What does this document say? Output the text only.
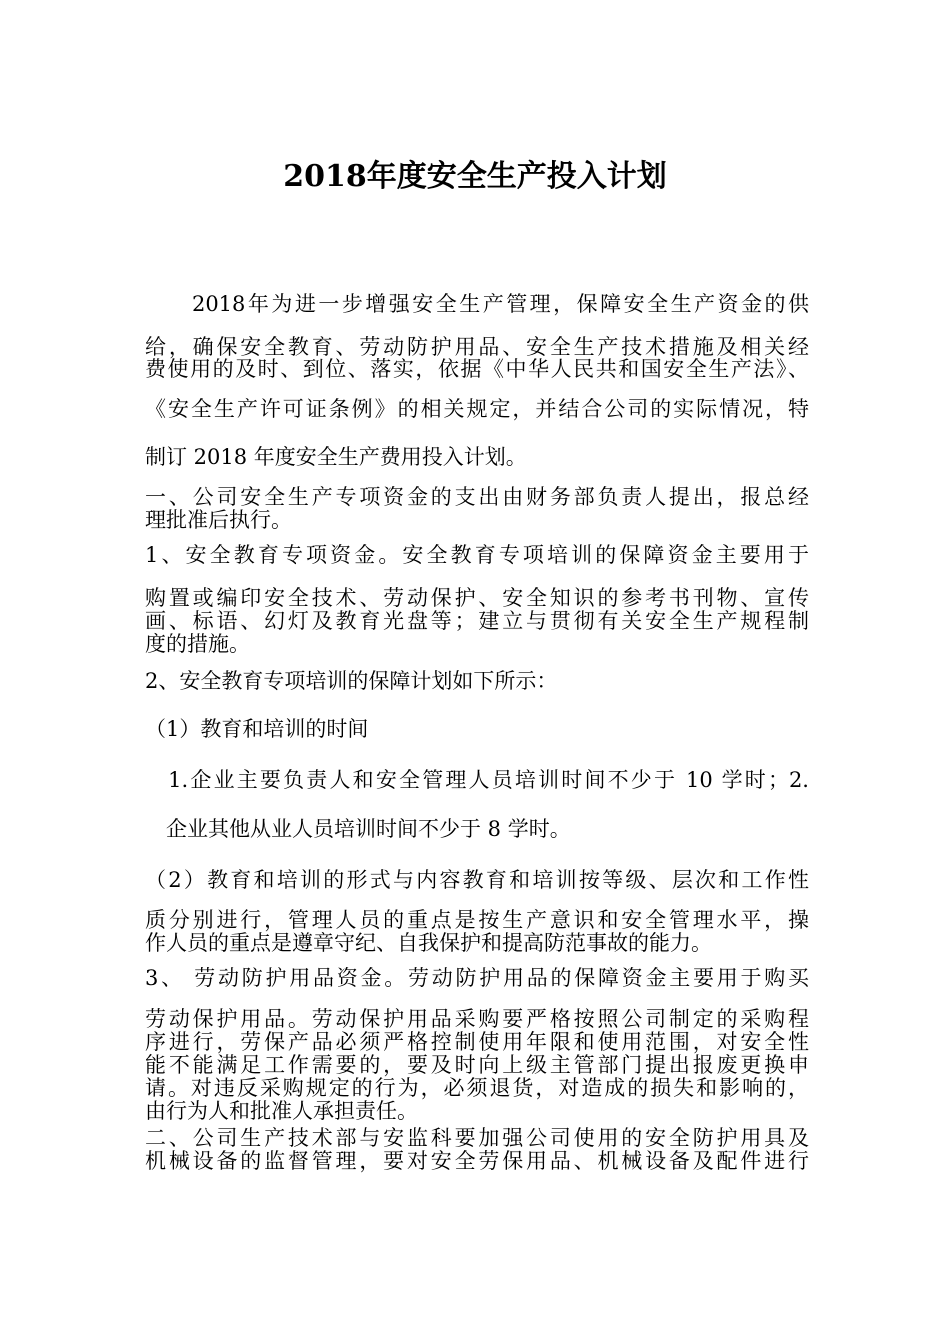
2018年度安全生产投入计划
　　2018年为进一步增强安全生产管理，保障安全生产资金的供
给，确保安全教育、劳动防护用品、安全生产技术措施及相关经
费使用的及时、到位、落实，依据《中华人民共和国安全生产法》、
《安全生产许可证条例》的相关规定，并结合公司的实际情况，特
制订 2018 年度安全生产费用投入计划。
一、公司安全生产专项资金的支出由财务部负责人提出，报总经
理批准后执行。
1、安全教育专项资金。安全教育专项培训的保障资金主要用于
购置或编印安全技术、劳动保护、安全知识的参考书刊物、宣传
画、标语、幻灯及教育光盘等；建立与贯彻有关安全生产规程制
度的措施。
2、安全教育专项培训的保障计划如下所示：
（1）教育和培训的时间
　1.企业主要负责人和安全管理人员培训时间不少于 10 学时；2.
　企业其他从业人员培训时间不少于 8 学时。
（2）教育和培训的形式与内容教育和培训按等级、层次和工作性
质分别进行，管理人员的重点是按生产意识和安全管理水平，操
作人员的重点是遵章守纪、自我保护和提高防范事故的能力。
3、 劳动防护用品资金。劳动防护用品的保障资金主要用于购买
劳动保护用品。劳动保护用品采购要严格按照公司制定的采购程
序进行，劳保产品必须严格控制使用年限和使用范围，对安全性
能不能满足工作需要的，要及时向上级主管部门提出报废更换申
请。对违反采购规定的行为，必须退货，对造成的损失和影响的，
由行为人和批准人承担责任。
二、公司生产技术部与安监科要加强公司使用的安全防护用具及
机械设备的监督管理，要对安全劳保用品、机械设备及配件进行
